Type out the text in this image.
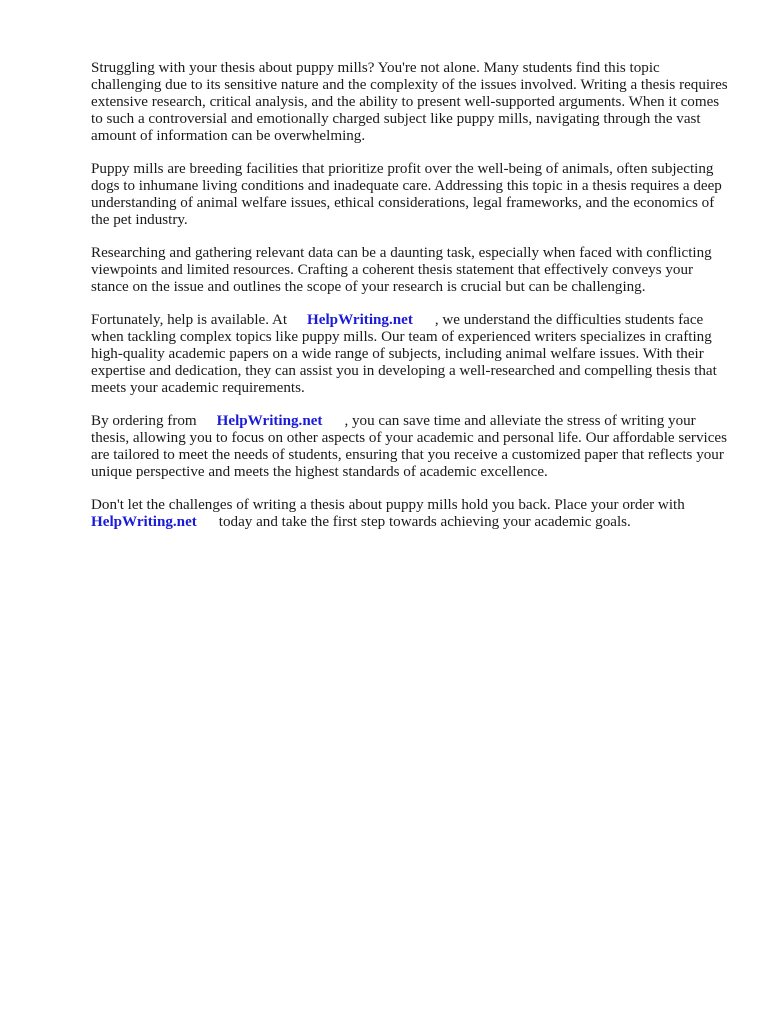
Struggling with your thesis about puppy mills? You're not alone. Many students find this topic challenging due to its sensitive nature and the complexity of the issues involved. Writing a thesis requires extensive research, critical analysis, and the ability to present well-supported arguments. When it comes to such a controversial and emotionally charged subject like puppy mills, navigating through the vast amount of information can be overwhelming.

Puppy mills are breeding facilities that prioritize profit over the well-being of animals, often subjecting dogs to inhumane living conditions and inadequate care. Addressing this topic in a thesis requires a deep understanding of animal welfare issues, ethical considerations, legal frameworks, and the economics of the pet industry.

Researching and gathering relevant data can be a daunting task, especially when faced with conflicting viewpoints and limited resources. Crafting a coherent thesis statement that effectively conveys your stance on the issue and outlines the scope of your research is crucial but can be challenging.

Fortunately, help is available. At HelpWriting.net , we understand the difficulties students face when tackling complex topics like puppy mills. Our team of experienced writers specializes in crafting high-quality academic papers on a wide range of subjects, including animal welfare issues. With their expertise and dedication, they can assist you in developing a well-researched and compelling thesis that meets your academic requirements.

By ordering from HelpWriting.net , you can save time and alleviate the stress of writing your thesis, allowing you to focus on other aspects of your academic and personal life. Our affordable services are tailored to meet the needs of students, ensuring that you receive a customized paper that reflects your unique perspective and meets the highest standards of academic excellence.

Don't let the challenges of writing a thesis about puppy mills hold you back. Place your order with HelpWriting.net today and take the first step towards achieving your academic goals.
